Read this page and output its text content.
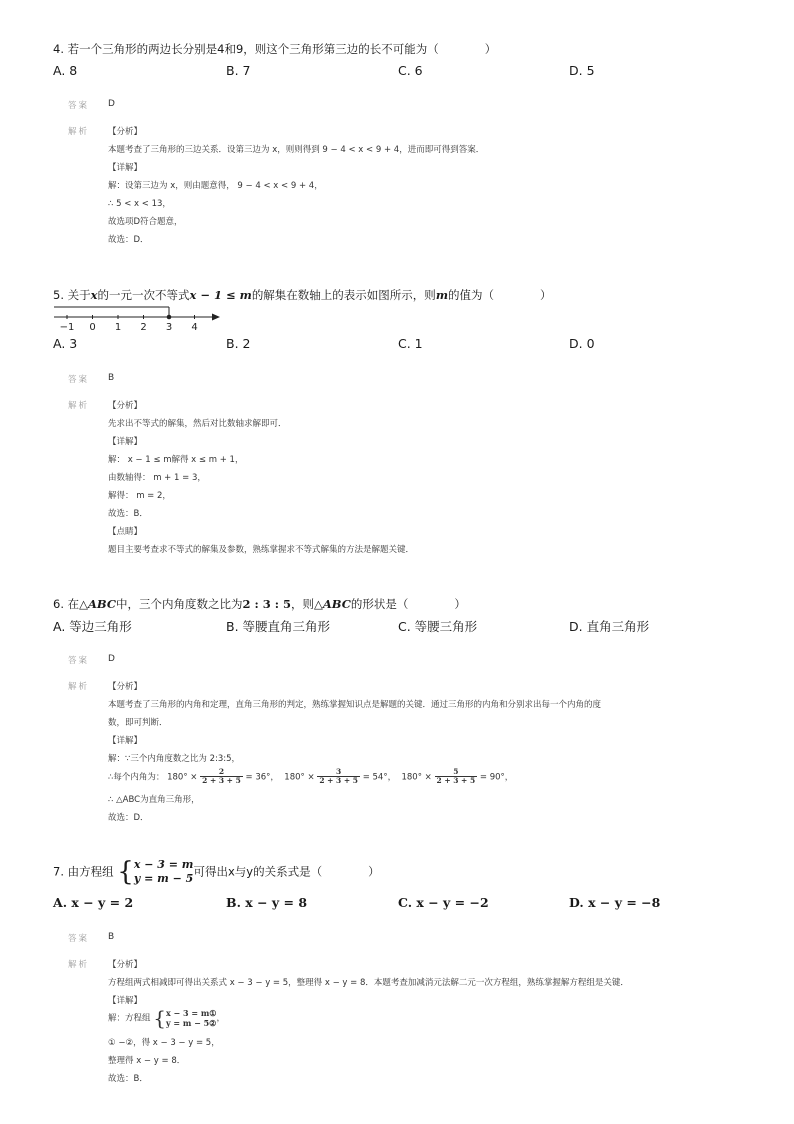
4. 若一个三角形的两边长分别是4和9，则这个三角形第三边的长不可能为（　　　　）
A. 8	B. 7	C. 6	D. 5
答案 D
解析 【分析】
本题考查了三角形的三边关系．设第三边为 x，则则得到 9 − 4 < x < 9 + 4，进而即可得到答案．
【详解】
解：设第三边为 x，则由题意得， 9 − 4 < x < 9 + 4，
∴ 5 < x < 13，
故选项D符合题意，
故选：D．
5. 关于x的一元一次不等式x − 1 ≤ m的解集在数轴上的表示如图所示，则m的值为（　　　　）
−1 0 1 2 3 4
A. 3	B. 2	C. 1	D. 0
答案 B
解析 【分析】
先求出不等式的解集，然后对比数轴求解即可．
【详解】
解： x − 1 ≤ m解得 x ≤ m + 1，
由数轴得： m + 1 = 3，
解得： m = 2，
故选：B．
【点睛】
题目主要考查求不等式的解集及参数，熟练掌握求不等式解集的方法是解题关键．
6. 在△ABC中，三个内角度数之比为2 : 3 : 5，则△ABC的形状是（　　　　）
A. 等边三角形	B. 等腰直角三角形	C. 等腰三角形	D. 直角三角形
答案 D
解析 【分析】
本题考查了三角形的内角和定理，直角三角形的判定，熟练掌握知识点是解题的关键．通过三角形的内角和分别求出每一个内角的度
数，即可判断．
【详解】
解：∵三个内角度数之比为 2:3:5，
∴每个内角为： $180^\circ \times \frac{2}{2 + 3 + 5} = 36^\circ$， $180^\circ \times \frac{3}{2 + 3 + 5} = 54^\circ$， $180^\circ \times \frac{5}{2 + 3 + 5} = 90^\circ$，
∴ △ABC为直角三角形，
故选：D．
7. 由方程组 { x − 3 = m
y = m − 5 可得出x与y的关系式是（　　　　）
A. x − y = 2	B. x − y = 8	C. x − y = −2	D. x − y = −8
答案 B
解析 【分析】
方程组两式相减即可得出关系式 x − 3 − y = 5，整理得 x − y = 8．本题考查加减消元法解二元一次方程组，熟练掌握解方程组是关键．
【详解】
解：方程组 { x − 3 = m①
y = m − 5② ，
① −②，得 x − 3 − y = 5，
整理得 x − y = 8．
故选：B．
